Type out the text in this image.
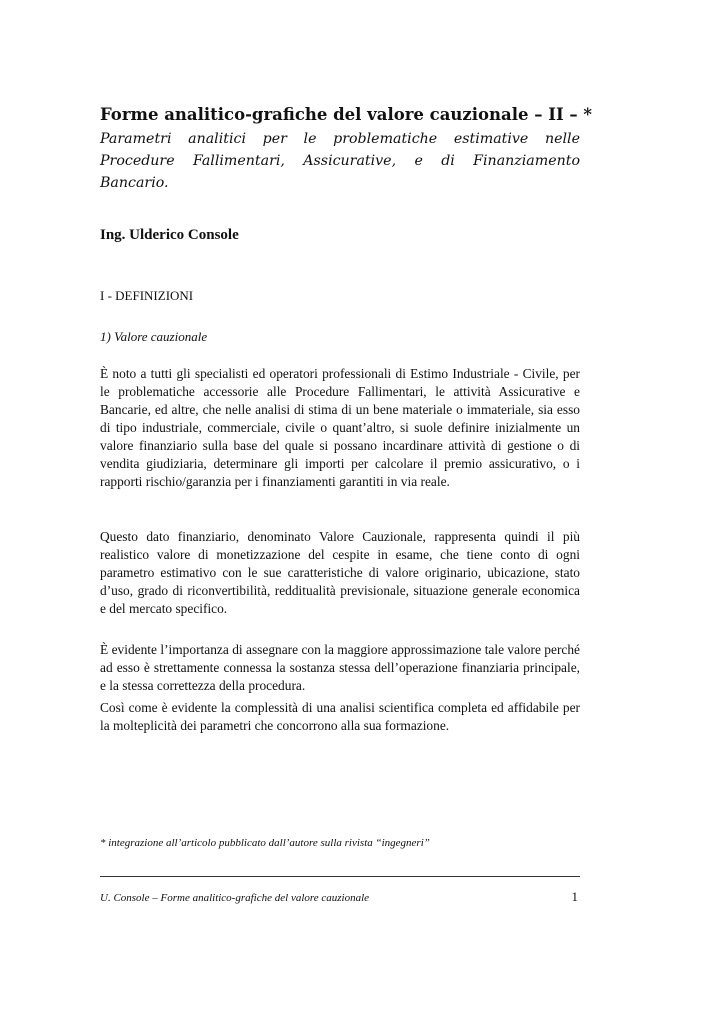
Forme analitico-grafiche del valore cauzionale – II – *
Parametri analitici per le problematiche estimative nelle Procedure Fallimentari, Assicurative, e di Finanziamento Bancario.
Ing. Ulderico Console
I - DEFINIZIONI
1) Valore cauzionale

È noto a tutti gli specialisti ed operatori professionali di Estimo Industriale - Civile, per le problematiche accessorie alle Procedure Fallimentari, le attività Assicurative e Bancarie, ed altre, che nelle analisi di stima di un bene materiale o immateriale, sia esso di tipo industriale, commerciale, civile o quant’altro, si suole definire inizialmente un valore finanziario sulla base del quale si possano incardinare attività di gestione o di vendita giudiziaria, determinare gli importi per calcolare il premio assicurativo, o i rapporti rischio/garanzia per i finanziamenti garantiti in via reale.

Questo dato finanziario, denominato Valore Cauzionale, rappresenta quindi il più realistico valore di monetizzazione del cespite in esame, che tiene conto di ogni parametro estimativo con le sue caratteristiche di valore originario, ubicazione, stato d’uso, grado di riconvertibilità, redditualità previsionale, situazione generale economica e del mercato specifico.

È evidente l’importanza di assegnare con la maggiore approssimazione tale valore perché ad esso è strettamente connessa la sostanza stessa dell’operazione finanziaria principale, e la stessa correttezza della procedura.

Così come è evidente la complessità di una analisi scientifica completa ed affidabile per la molteplicità dei parametri che concorrono alla sua formazione.

* integrazione all’articolo pubblicato dall’autore sulla rivista “ingegneri”
U. Console – Forme analitico-grafiche del valore cauzionale	1
